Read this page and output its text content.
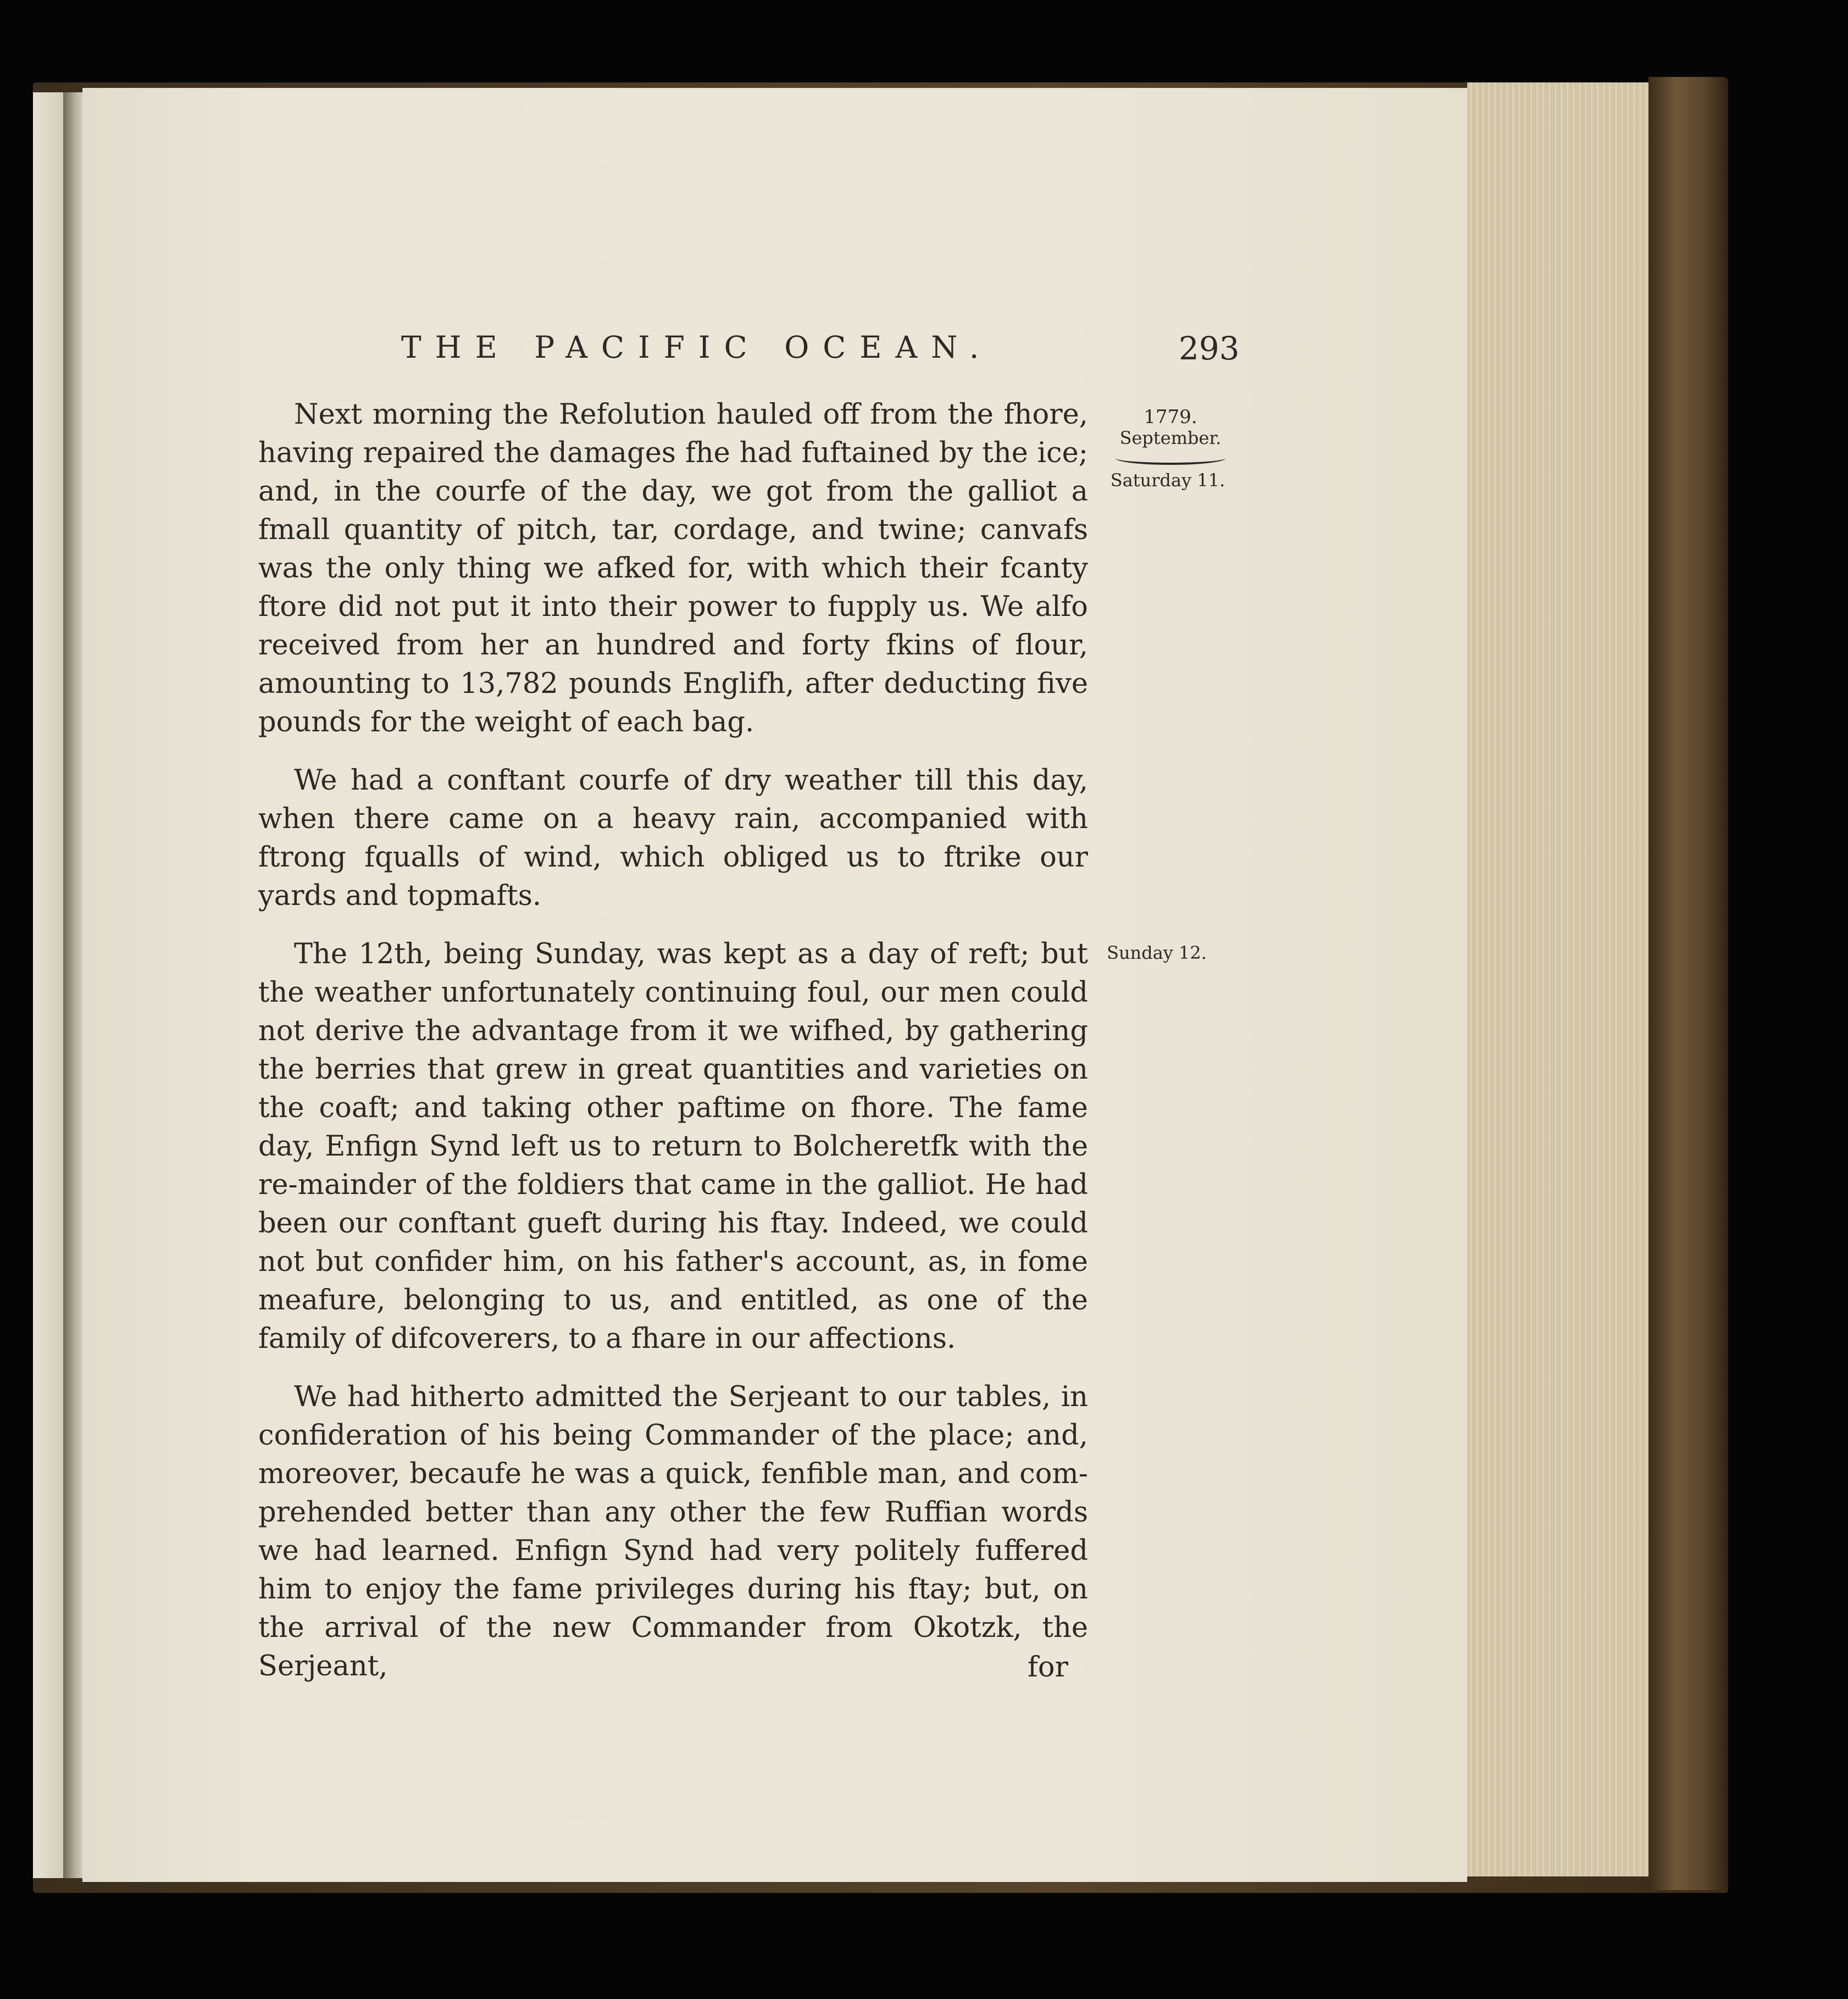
THE PACIFIC OCEAN.	293
1779.
September.
Saturday 11.
Sunday 12.

Next morning the Refolution hauled off from the fhore, having repaired the damages fhe had fuftained by the ice; and, in the courfe of the day, we got from the galliot a fmall quantity of pitch, tar, cordage, and twine; canvafs was the only thing we afked for, with which their fcanty ftore did not put it into their power to fupply us. We alfo received from her an hundred and forty fkins of flour, amounting to 13,782 pounds Englifh, after deducting five pounds for the weight of each bag.

We had a conftant courfe of dry weather till this day, when there came on a heavy rain, accompanied with ftrong fqualls of wind, which obliged us to ftrike our yards and topmafts.

The 12th, being Sunday, was kept as a day of reft; but the weather unfortunately continuing foul, our men could not derive the advantage from it we wifhed, by gathering the berries that grew in great quantities and varieties on the coaft; and taking other paftime on fhore. The fame day, Enfign Synd left us to return to Bolcheretfk with the re-mainder of the foldiers that came in the galliot. He had been our conftant gueft during his ftay. Indeed, we could not but confider him, on his father's account, as, in fome meafure, belonging to us, and entitled, as one of the family of difcoverers, to a fhare in our affections.

We had hitherto admitted the Serjeant to our tables, in confideration of his being Commander of the place; and, moreover, becaufe he was a quick, fenfible man, and com-prehended better than any other the few Ruffian words we had learned. Enfign Synd had very politely fuffered him to enjoy the fame privileges during his ftay; but, on the arrival of the new Commander from Okotzk, the Serjeant,	for
